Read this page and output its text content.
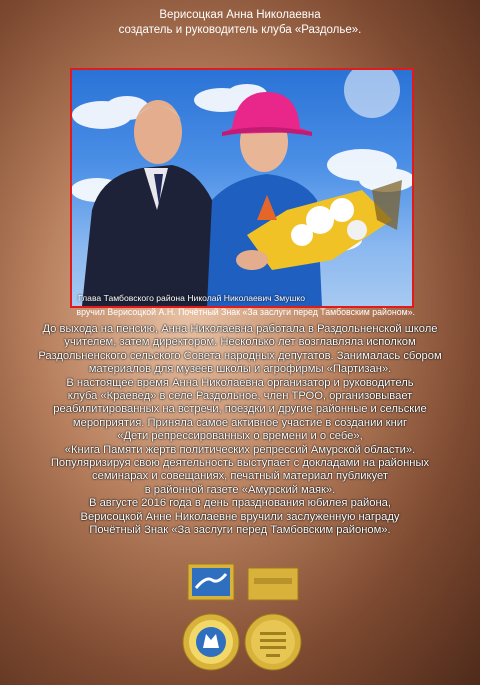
Верисоцкая Анна Николаевна
создатель и руководитель клуба «Раздолье».
Глава Тамбовского района Николай Николаевич Змушко
вручил Верисоцкой А.Н. Почётный Знак «За заслуги перед Тамбовским районом».

До выхода на пенсию, Анна Николаевна работала в Раздольненской школе

учителем, затем директором. Несколько лет возглавляла исполком

Раздольненского сельского Совета народных депутатов. Занималась сбором

материалов для музеев школы и агрофирмы «Партизан».

В настоящее время Анна Николаевна организатор и руководитель

клуба «Краевед» в селе Раздольное, член ТРОО, организовывает

реабилитированных на встречи, поездки и другие районные и сельские

мероприятия. Приняла самое активное участие в создании книг

«Дети репрессированных о времени и о себе»,

«Книга Памяти жертв политических репрессий Амурской области».

Популяризируя свою деятельность выступает с докладами на районных

семинарах и совещаниях, печатный материал публикует

в районной газете «Амурский маяк».

В августе 2016 года в день празднования юбилея района,

Верисоцкой Анне Николаевне вручили заслуженную награду

Почётный Знак «За заслуги перед Тамбовским районом».
